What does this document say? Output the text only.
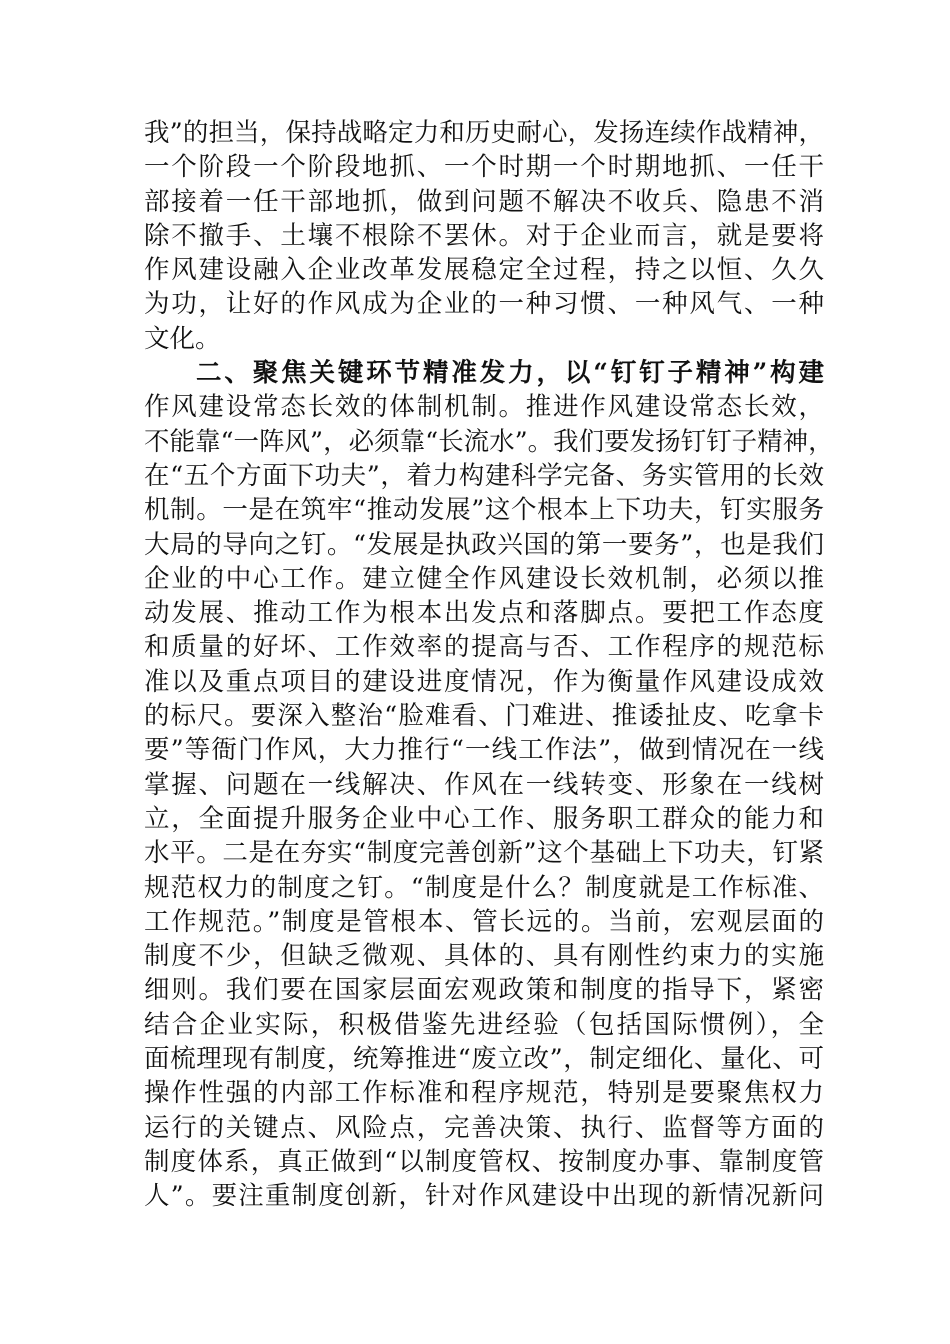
我”的担当，保持战略定力和历史耐心，发扬连续作战精神，
一个阶段一个阶段地抓、一个时期一个时期地抓、一任干
部接着一任干部地抓，做到问题不解决不收兵、隐患不消
除不撤手、土壤不根除不罢休。对于企业而言，就是要将
作风建设融入企业改革发展稳定全过程，持之以恒、久久
为功，让好的作风成为企业的一种习惯、一种风气、一种
文化。
二、聚焦关键环节精准发力，以“钉钉子精神”构建
作风建设常态长效的体制机制。推进作风建设常态长效，
不能靠“一阵风”，必须靠“长流水”。我们要发扬钉钉子精神，
在“五个方面下功夫”，着力构建科学完备、务实管用的长效
机制。一是在筑牢“推动发展”这个根本上下功夫，钉实服务
大局的导向之钉。“发展是执政兴国的第一要务”，也是我们
企业的中心工作。建立健全作风建设长效机制，必须以推
动发展、推动工作为根本出发点和落脚点。要把工作态度
和质量的好坏、工作效率的提高与否、工作程序的规范标
准以及重点项目的建设进度情况，作为衡量作风建设成效
的标尺。要深入整治“脸难看、门难进、推诿扯皮、吃拿卡
要”等衙门作风，大力推行“一线工作法”，做到情况在一线
掌握、问题在一线解决、作风在一线转变、形象在一线树
立，全面提升服务企业中心工作、服务职工群众的能力和
水平。二是在夯实“制度完善创新”这个基础上下功夫，钉紧
规范权力的制度之钉。“制度是什么？制度就是工作标准、
工作规范。”制度是管根本、管长远的。当前，宏观层面的
制度不少，但缺乏微观、具体的、具有刚性约束力的实施
细则。我们要在国家层面宏观政策和制度的指导下，紧密
结合企业实际，积极借鉴先进经验（包括国际惯例），全
面梳理现有制度，统筹推进“废立改”，制定细化、量化、可
操作性强的内部工作标准和程序规范，特别是要聚焦权力
运行的关键点、风险点，完善决策、执行、监督等方面的
制度体系，真正做到“以制度管权、按制度办事、靠制度管
人”。要注重制度创新，针对作风建设中出现的新情况新问
